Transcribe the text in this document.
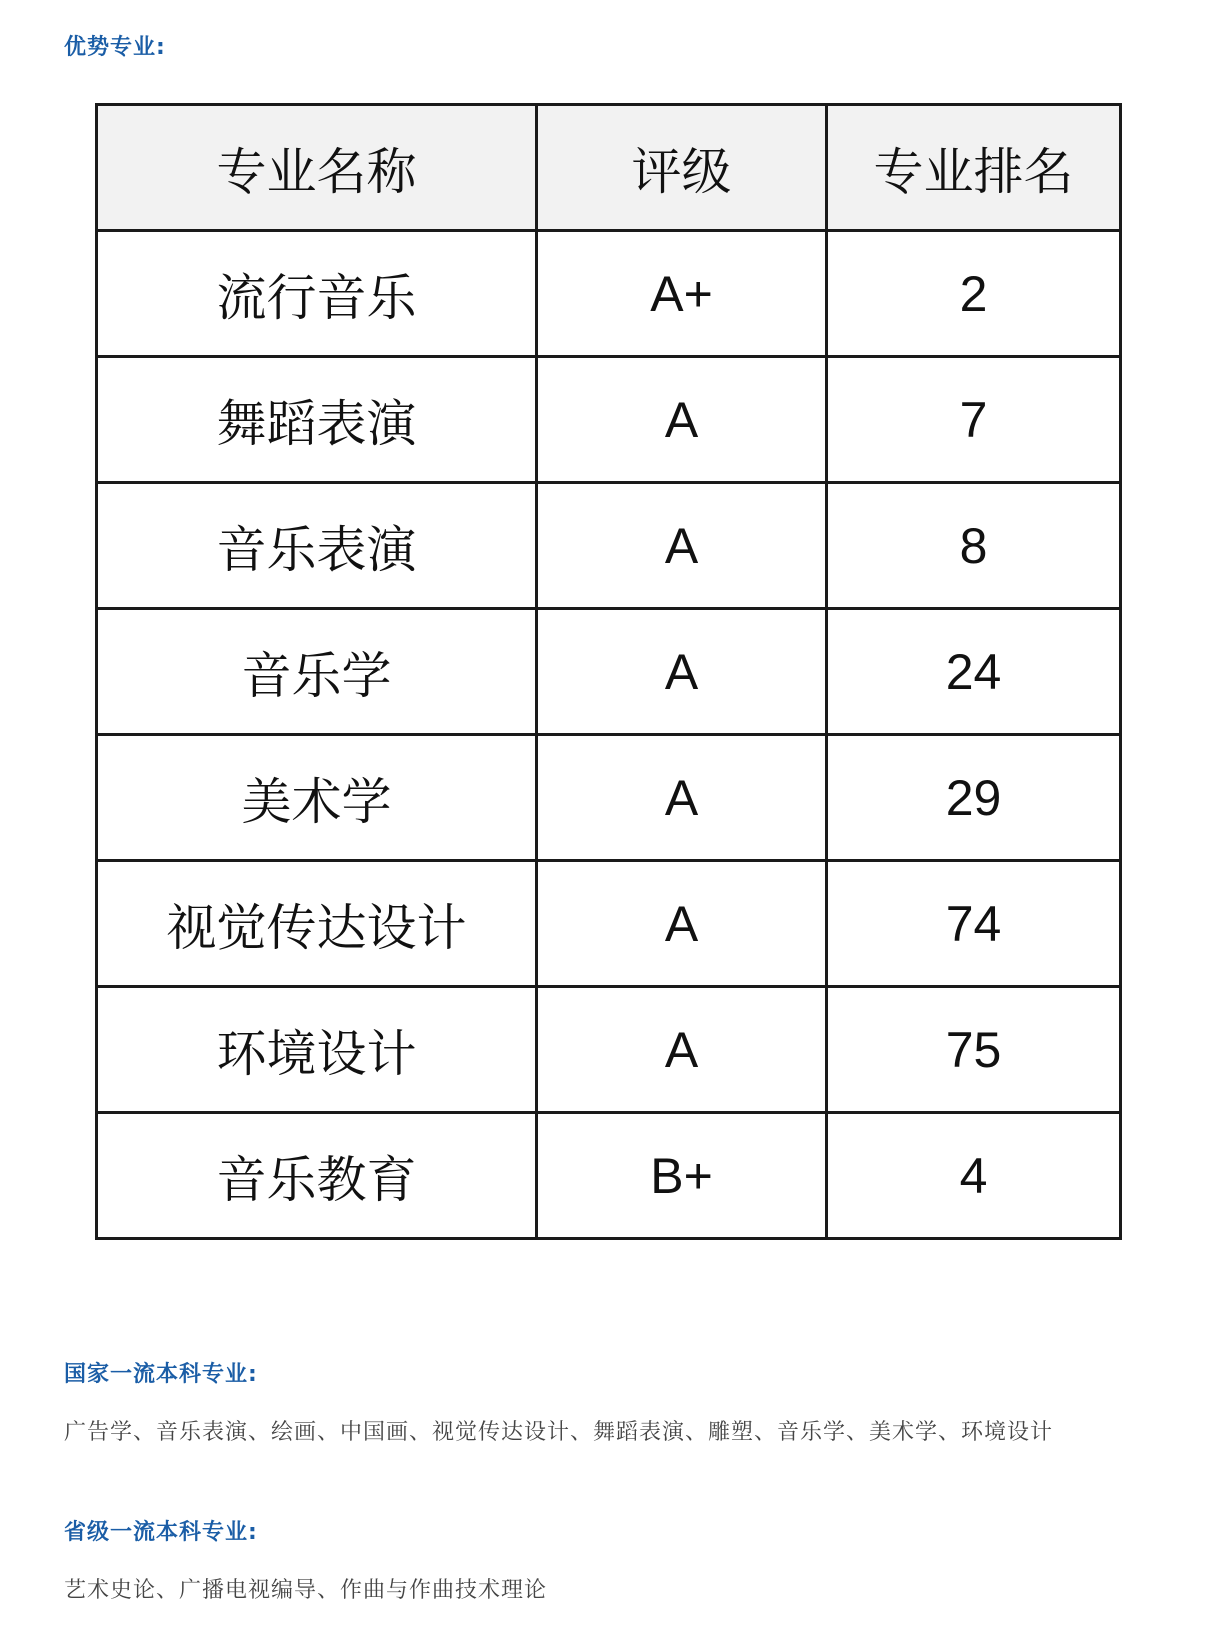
优势专业:
专业名称	评级	专业排名
流行音乐	A+	2
舞蹈表演	A	7
音乐表演	A	8
音乐学	A	24
美术学	A	29
视觉传达设计	A	74
环境设计	A	75
音乐教育	B+	4
国家一流本科专业:
广告学、音乐表演、绘画、中国画、视觉传达设计、舞蹈表演、雕塑、音乐学、美术学、环境设计
省级一流本科专业:
艺术史论、广播电视编导、作曲与作曲技术理论
